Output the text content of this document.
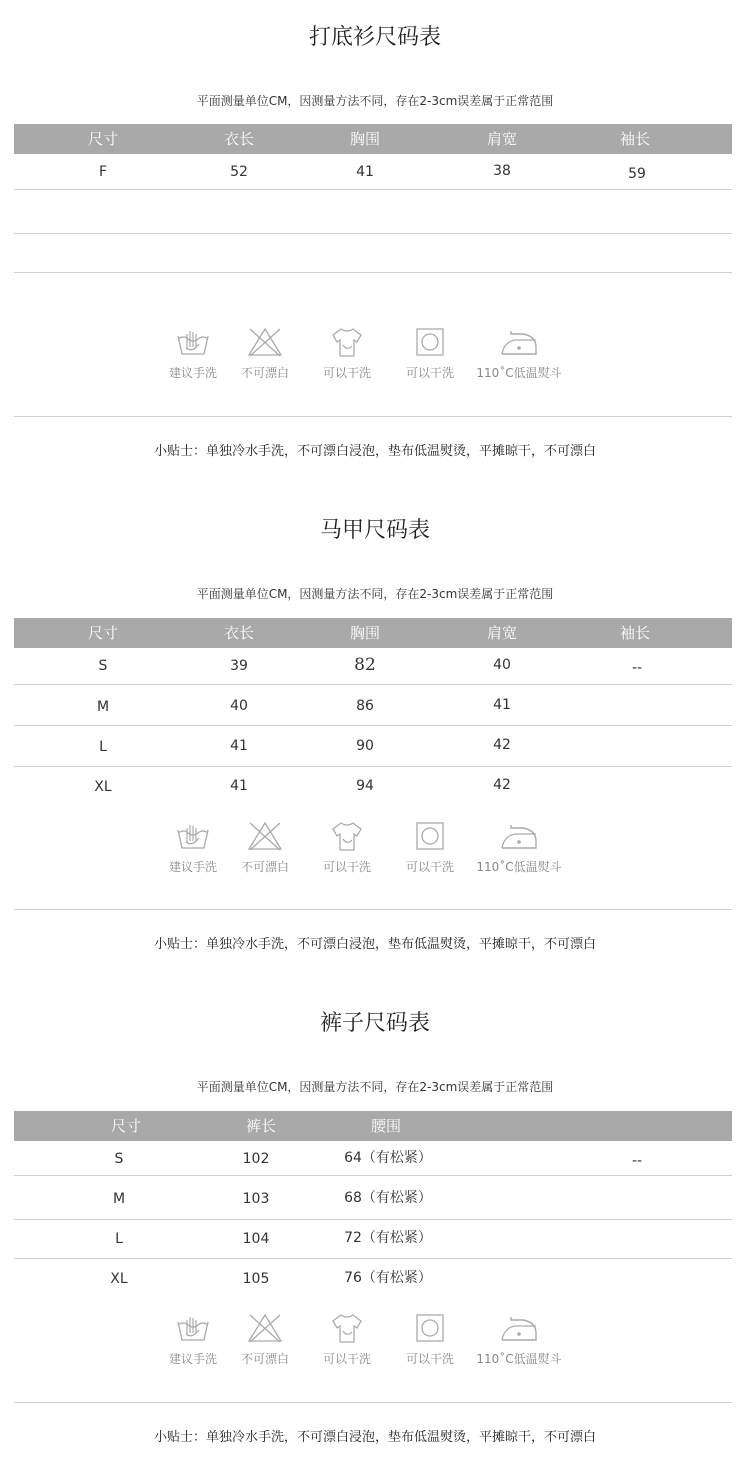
打底衫尺码表
平面测量单位CM，因测量方法不同，存在2-3cm误差属于正常范围
尺寸	衣长	胸围	肩宽	袖长
F	52	41	38	59
建议手洗 不可漂白	可以干洗	可以干洗 110˚C低温熨斗
小贴士：单独冷水手洗，不可漂白浸泡，垫布低温熨烫，平摊晾干，不可漂白
马甲尺码表
平面测量单位CM，因测量方法不同，存在2-3cm误差属于正常范围
尺寸	衣长	胸围	肩宽	袖长
S	39	82	40	--
M	40	86	41
L	41	90	42
XL	41	94	42
建议手洗 不可漂白	可以干洗	可以干洗 110˚C低温熨斗
小贴士：单独冷水手洗，不可漂白浸泡，垫布低温熨烫，平摊晾干，不可漂白
裤子尺码表
平面测量单位CM，因测量方法不同，存在2-3cm误差属于正常范围
尺寸	裤长	腰围
S	102	64（有松紧）	--
M	103	68（有松紧）
L	104	72（有松紧）
XL	105	76（有松紧）
建议手洗 不可漂白	可以干洗	可以干洗 110˚C低温熨斗
小贴士：单独冷水手洗，不可漂白浸泡，垫布低温熨烫，平摊晾干，不可漂白
